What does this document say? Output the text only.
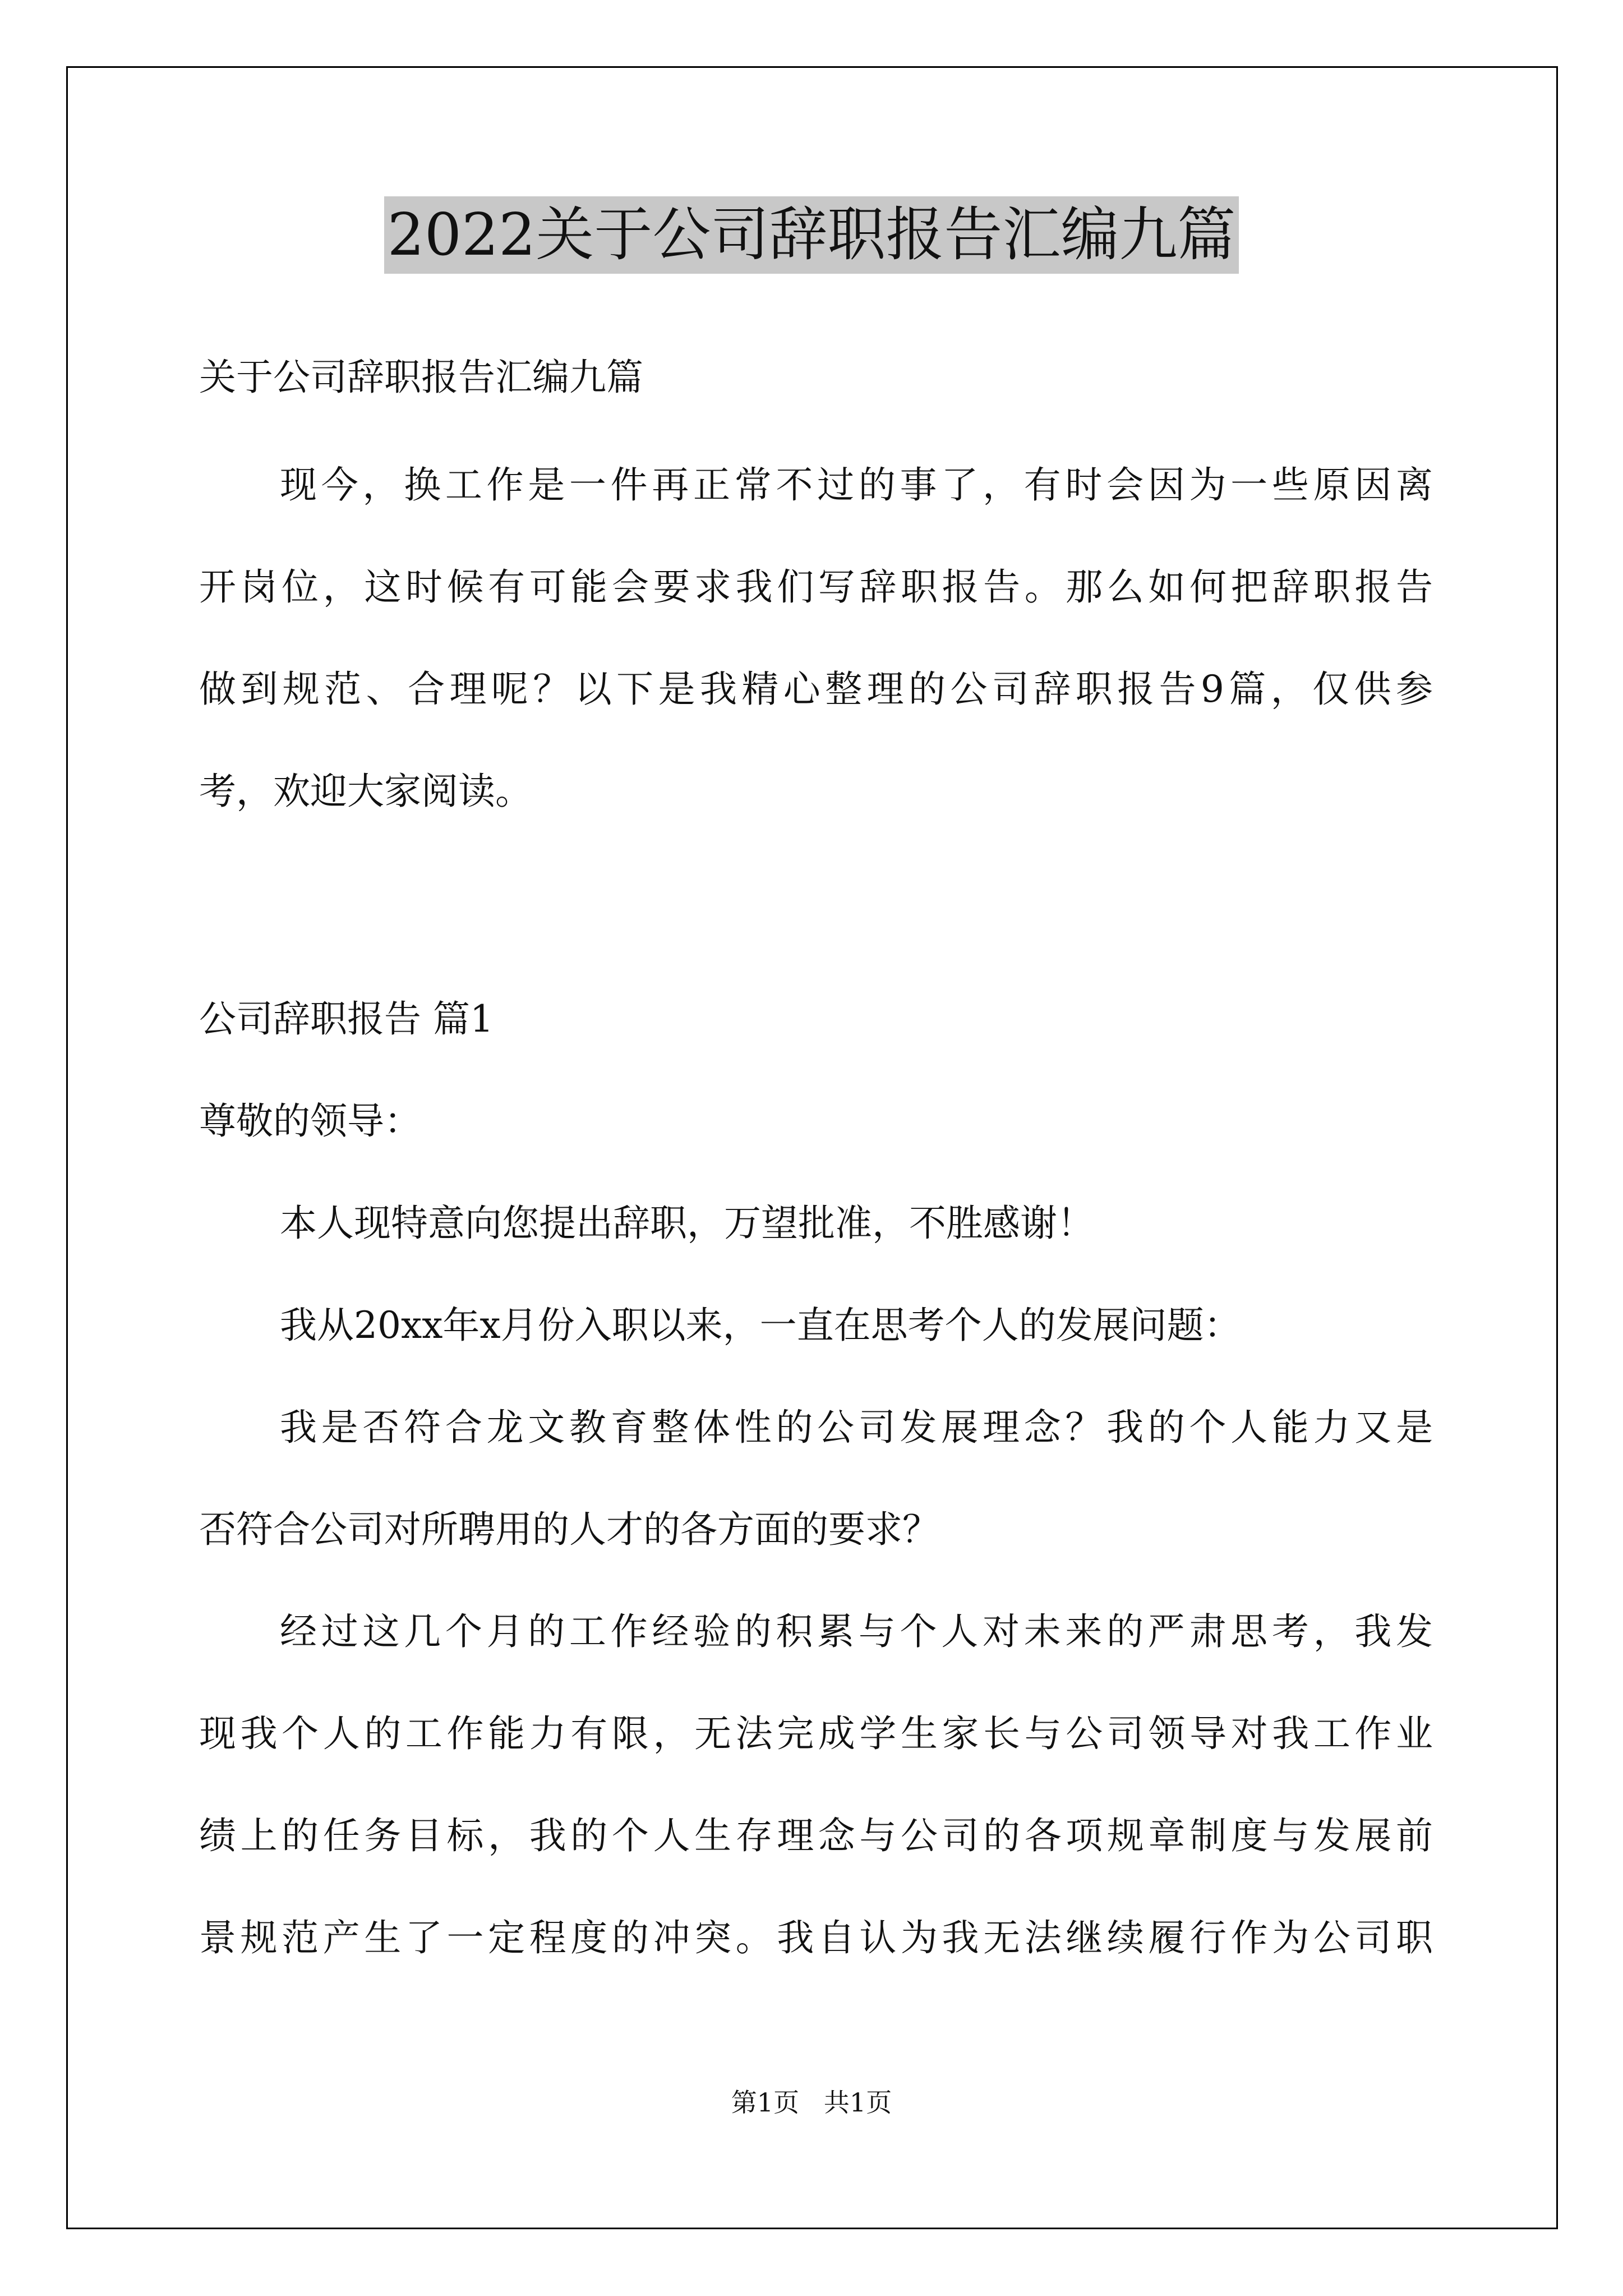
2022关于公司辞职报告汇编九篇
关于公司辞职报告汇编九篇
现今，换工作是一件再正常不过的事了，有时会因为一些原因离
开岗位，这时候有可能会要求我们写辞职报告。那么如何把辞职报告
做到规范、合理呢？以下是我精心整理的公司辞职报告9篇，仅供参
考，欢迎大家阅读。
公司辞职报告 篇1
尊敬的领导：
本人现特意向您提出辞职，万望批准，不胜感谢！
我从20xx年x月份入职以来，一直在思考个人的发展问题：
我是否符合龙文教育整体性的公司发展理念？我的个人能力又是
否符合公司对所聘用的人才的各方面的要求？
经过这几个月的工作经验的积累与个人对未来的严肃思考，我发
现我个人的工作能力有限，无法完成学生家长与公司领导对我工作业
绩上的任务目标，我的个人生存理念与公司的各项规章制度与发展前
景规范产生了一定程度的冲突。我自认为我无法继续履行作为公司职
第1页   共1页
